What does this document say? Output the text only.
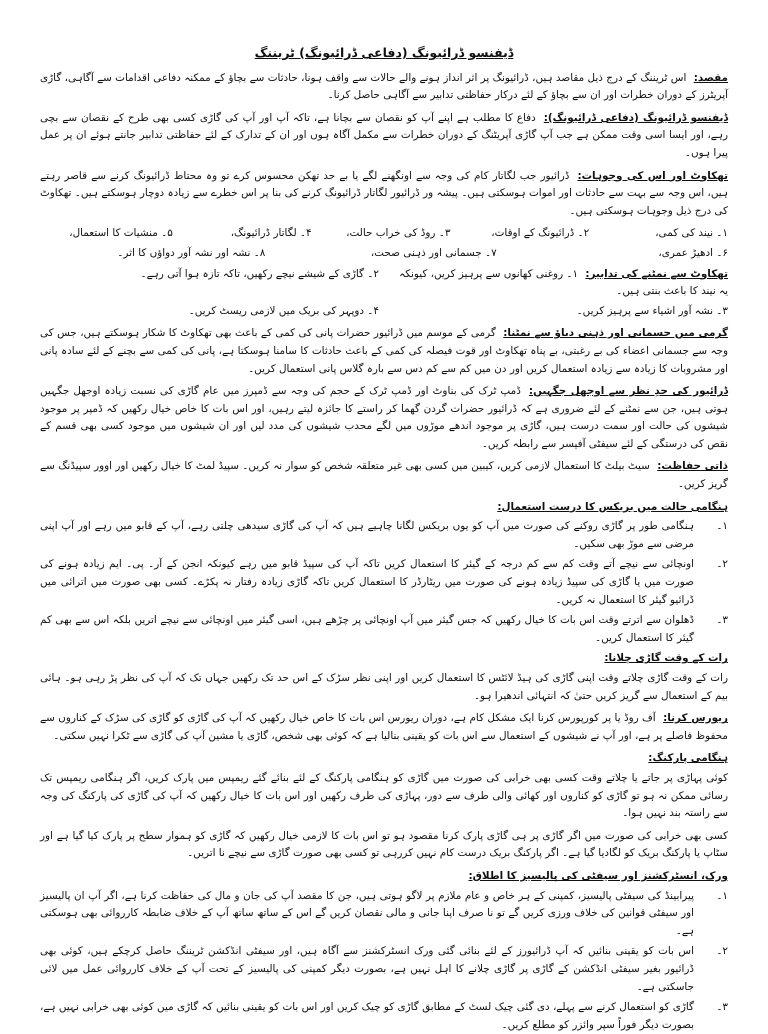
ڈیفنسو ڈرائیونگ (دفاعی ڈرائیونگ) ٹریننگ

مقصد: اس ٹریننگ کے درج ذیل مقاصد ہیں، ڈرائیونگ پر اثر انداز ہونے والے حالات سے واقف ہونا، حادثات سے بچاؤ کے ممکنہ دفاعی اقدامات سے آگاہی، گاڑی آپریٹرز کے دوران خطرات اور ان سے بچاؤ کے لئے درکار حفاظتی تدابیر سے آگاہی حاصل کرنا۔

ڈیفنسو ڈرائیونگ (دفاعی ڈرائیونگ): دفاع کا مطلب ہے اپنے آپ کو نقصان سے بچانا ہے، تاکہ آپ اور آپ کی گاڑی کسی بھی طرح کے نقصان سے بچی رہے، اور ایسا اسی وقت ممکن ہے جب آپ گاڑی آپریٹنگ کے دوران خطرات سے مکمل آگاہ ہوں اور ان کے تدارک کے لئے حفاظتی تدابیر جانتے ہوئے ان پر عمل پیرا ہوں۔

تھکاوٹ اور اس کی وجوہات: ڈرائیور جب لگاتار کام کی وجہ سے اونگھنے لگے یا بے حد تھکن محسوس کرے تو وہ محتاط ڈرائیونگ کرنے سے قاصر رہتے ہیں، اس وجہ سے بہت سے حادثات اور اموات ہوسکتی ہیں۔ پیشہ ور ڈرائیور لگاتار ڈرائیونگ کرنے کی بنا پر اس خطرے سے زیادہ دوچار ہوسکتے ہیں۔ تھکاوٹ کی درج ذیل وجوہات ہوسکتی ہیں۔

۱۔ نیند کی کمی،
۲۔ ڈرائیونگ کے اوقات،
۳۔ روڈ کی خراب حالت،
۴۔ لگاتار ڈرائیونگ،
۵۔ منشیات کا استعمال،
۶۔ ادھیڑ عمری،
۷۔ جسمانی اور ذہنی صحت،
۸۔ نشہ اور نشہ آور دواؤں کا اثر۔
تھکاوٹ سے نمٹنے کی تدابیر: ۱۔ روغنی کھانوں سے پرہیز کریں، کیونکہ یہ نیند کا باعث بنتی ہیں۔
۲۔ گاڑی کے شیشے نیچے رکھیں، تاکہ تازہ ہوا آتی رہے۔
۳۔ نشہ آور اشیاء سے پرہیز کریں۔
۴۔ دوپہر کی بریک میں لازمی ریسٹ کریں۔

گرمی میں جسمانی اور ذہنی دباؤ سے نمٹنا: گرمی کے موسم میں ڈرائیور حضرات پانی کی کمی کے باعث بھی تھکاوٹ کا شکار ہوسکتے ہیں، جس کی وجہ سے جسمانی اعضاء کی بے رغبتی، بے پناہ تھکاوٹ اور قوت فیصلہ کی کمی کے باعث حادثات کا سامنا ہوسکتا ہے، پانی کی کمی سے بچنے کے لئے سادہ پانی اور مشروبات کا زیادہ سے زیادہ استعمال کریں اور دن میں کم سے کم دس سے بارہ گلاس پانی استعمال کریں۔

ڈرائیور کی حدِ نظر سے اوجھل جگہیں: ڈمپ ٹرک کی بناوٹ اور ڈمپ ٹرک کے حجم کی وجہ سے ڈمپرز میں عام گاڑی کی نسبت زیادہ اوجھل جگہیں ہوتی ہیں، جن سے نمٹنے کے لئے ضروری ہے کہ ڈرائیور حضرات گردن گھما کر راستے کا جائزہ لیتے رہیں، اور اس بات کا خاص خیال رکھیں کہ ڈمپر پر موجود شیشوں کی حالت اور سمت درست ہیں، گاڑی پر موجود اندھے موڑوں میں لگے محدب شیشوں کی مدد لیں اور ان شیشوں میں موجود کسی بھی قسم کے نقص کی درستگی کے لئے سیفٹی آفیسر سے رابطہ کریں۔

ذاتی حفاظت: سیٹ بیلٹ کا استعمال لازمی کریں، کیبین میں کسی بھی غیر متعلقہ شخص کو سوار نہ کریں۔ سپیڈ لمٹ کا خیال رکھیں اور اوور سپیڈنگ سے گریز کریں۔

ہنگامی حالت میں بریکس کا درست استعمال:
۱۔
ہنگامی طور پر گاڑی روکنے کی صورت میں آپ کو یوں بریکس لگانا چاہیے ہیں کہ آپ کی گاڑی سیدھی چلتی رہے، آپ کے قابو میں رہے اور آپ اپنی مرضی سے موڑ بھی سکیں۔
۲۔
اونچائی سے نیچے آتے وقت کم سے کم درجہ کے گیئر کا استعمال کریں تاکہ آپ کی سپیڈ قابو میں رہے کیونکہ انجن کے آر۔ پی۔ ایم زیادہ ہونے کی صورت میں یا گاڑی کی سپیڈ زیادہ ہونے کی صورت میں ریٹارڈر کا استعمال کریں تاکہ گاڑی زیادہ رفتار نہ پکڑے۔ کسی بھی صورت میں اترائی میں ڈرائیو گیئر کا استعمال نہ کریں۔
۳۔
ڈھلوان سے اترتے وقت اس بات کا خیال رکھیں کہ جس گیئر میں آپ اونچائی پر چڑھے ہیں، اسی گیئر میں اونچائی سے نیچے اتریں بلکہ اس سے بھی کم گیئر کا استعمال کریں۔
رات کے وقت گاڑی چلانا:

رات کے وقت گاڑی چلاتے وقت اپنی گاڑی کی ہیڈ لائٹس کا استعمال کریں اور اپنی نظر سڑک کے اس حد تک رکھیں جہاں تک کہ آپ کی نظر پڑ رہی ہو۔ ہائی بیم کے استعمال سے گریز کریں حتیٰ کہ انتہائی اندھیرا ہو۔

ریورس کرنا: آف روڈ یا پر کورپورس کرنا ایک مشکل کام ہے، دوران ریورس اس بات کا خاص خیال رکھیں کہ آپ کی گاڑی کو گاڑی کی سڑک کے کناروں سے محفوظ فاصلے پر ہے، اور آپ نے شیشوں کے استعمال سے اس بات کو یقینی بنالیا ہے کہ کوئی بھی شخص، گاڑی یا مشین آپ کی گاڑی سے ٹکرا نہیں سکتی۔

ہنگامی پارکنگ:

کوئی پہاڑی پر جاتے یا چلاتے وقت کسی بھی خرابی کی صورت میں گاڑی کو ہنگامی پارکنگ کے لئے بنائے گئے ریمپس میں پارک کریں، اگر ہنگامی ریمپس تک رسائی ممکن نہ ہو تو گاڑی کو کناروں اور کھائی والی طرف سے دور، پہاڑی کی طرف رکھیں اور اس بات کا خیال رکھیں کہ آپ کی گاڑی کی پارکنگ کی وجہ سے راستہ بند نہیں ہوا۔

کسی بھی خرابی کی صورت میں اگر گاڑی پر ہی گاڑی پارک کرنا مقصود ہو تو اس بات کا لازمی خیال رکھیں کہ گاڑی کو ہموار سطح پر پارک کیا گیا ہے اور سٹاپ یا پارکنگ بریک کو لگادیا گیا ہے۔ اگر پارکنگ بریک درست کام نہیں کررہی تو کسی بھی صورت گاڑی سے نیچے نا اتریں۔

ورک، انسٹرکشنز اور سیفٹی کی پالیسیز کا اطلاق:
۱۔
پیرابینڈ کی سیفٹی پالیسیز، کمپنی کے ہر خاص و عام ملازم پر لاگو ہوتی ہیں، جن کا مقصد آپ کی جان و مال کی حفاظت کرنا ہے، اگر آپ ان پالیسیز اور سیفٹی قوانین کی خلاف ورزی کریں گے تو نا صرف اپنا جانی و مالی نقصان کریں گے اس کے ساتھ ساتھ آپ کے خلاف ضابطہ کارروائی بھی ہوسکتی ہے۔
۲۔
اس بات کو یقینی بنائیں کہ آپ ڈرائیورز کے لئے بنائی گئی ورک انسٹرکشنز سے آگاہ ہیں، اور سیفٹی انڈکشن ٹریننگ حاصل کرچکے ہیں، کوئی بھی ڈرائیور بغیر سیفٹی انڈکشن کے گاڑی پر گاڑی چلانے کا اہل نہیں ہے، بصورت دیگر کمپنی کی پالیسیز کے تحت آپ کے خلاف کارروائی عمل میں لائی جاسکتی ہے۔
۳۔
گاڑی کو استعمال کرنے سے پہلے، دی گئی چیک لسٹ کے مطابق گاڑی کو چیک کریں اور اس بات کو یقینی بنائیں کہ گاڑی میں کوئی بھی خرابی نہیں ہے، بصورت دیگر فوراً سپر وائزر کو مطلع کریں۔
